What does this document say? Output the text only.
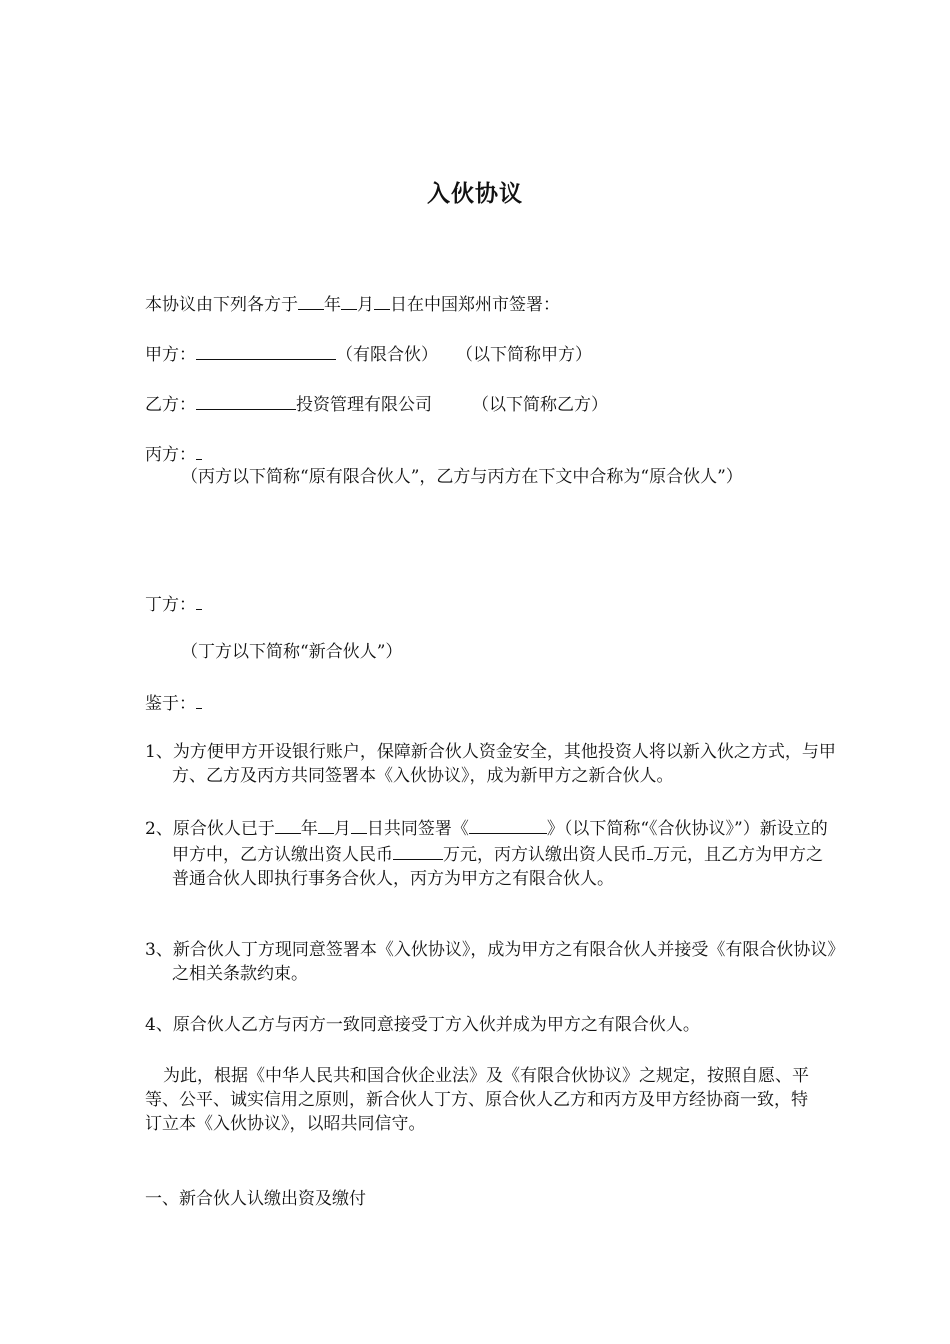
入伙协议
本协议由下列各方于 年 月 日在中国郑州市签署：
甲方：	（有限合伙） （以下简称甲方）
乙方：	投资管理有限公司 （以下简称乙方）
丙方：
（丙方以下简称“原有限合伙人”，乙方与丙方在下文中合称为“原合伙人”）
丁方：
（丁方以下简称“新合伙人”）
鉴于：
1、为方便甲方开设银行账户，保障新合伙人资金安全，其他投资人将以新入伙之方式，与甲方、乙方及丙方共同签署本《入伙协议》，成为新甲方之新合伙人。
2、原合伙人已于 年 月 日共同签署《	》（以下简称“《合伙协议》”）新设立的甲方中，乙方认缴出资人民币	万元，丙方认缴出资人民币 万元，且乙方为甲方之普通合伙人即执行事务合伙人，丙方为甲方之有限合伙人。
3、新合伙人丁方现同意签署本《入伙协议》，成为甲方之有限合伙人并接受《有限合伙协议》之相关条款约束。
4、原合伙人乙方与丙方一致同意接受丁方入伙并成为甲方之有限合伙人。
为此，根据《中华人民共和国合伙企业法》及《有限合伙协议》之规定，按照自愿、平等、公平、诚实信用之原则，新合伙人丁方、原合伙人乙方和丙方及甲方经协商一致，特订立本《入伙协议》，以昭共同信守。
一、新合伙人认缴出资及缴付
